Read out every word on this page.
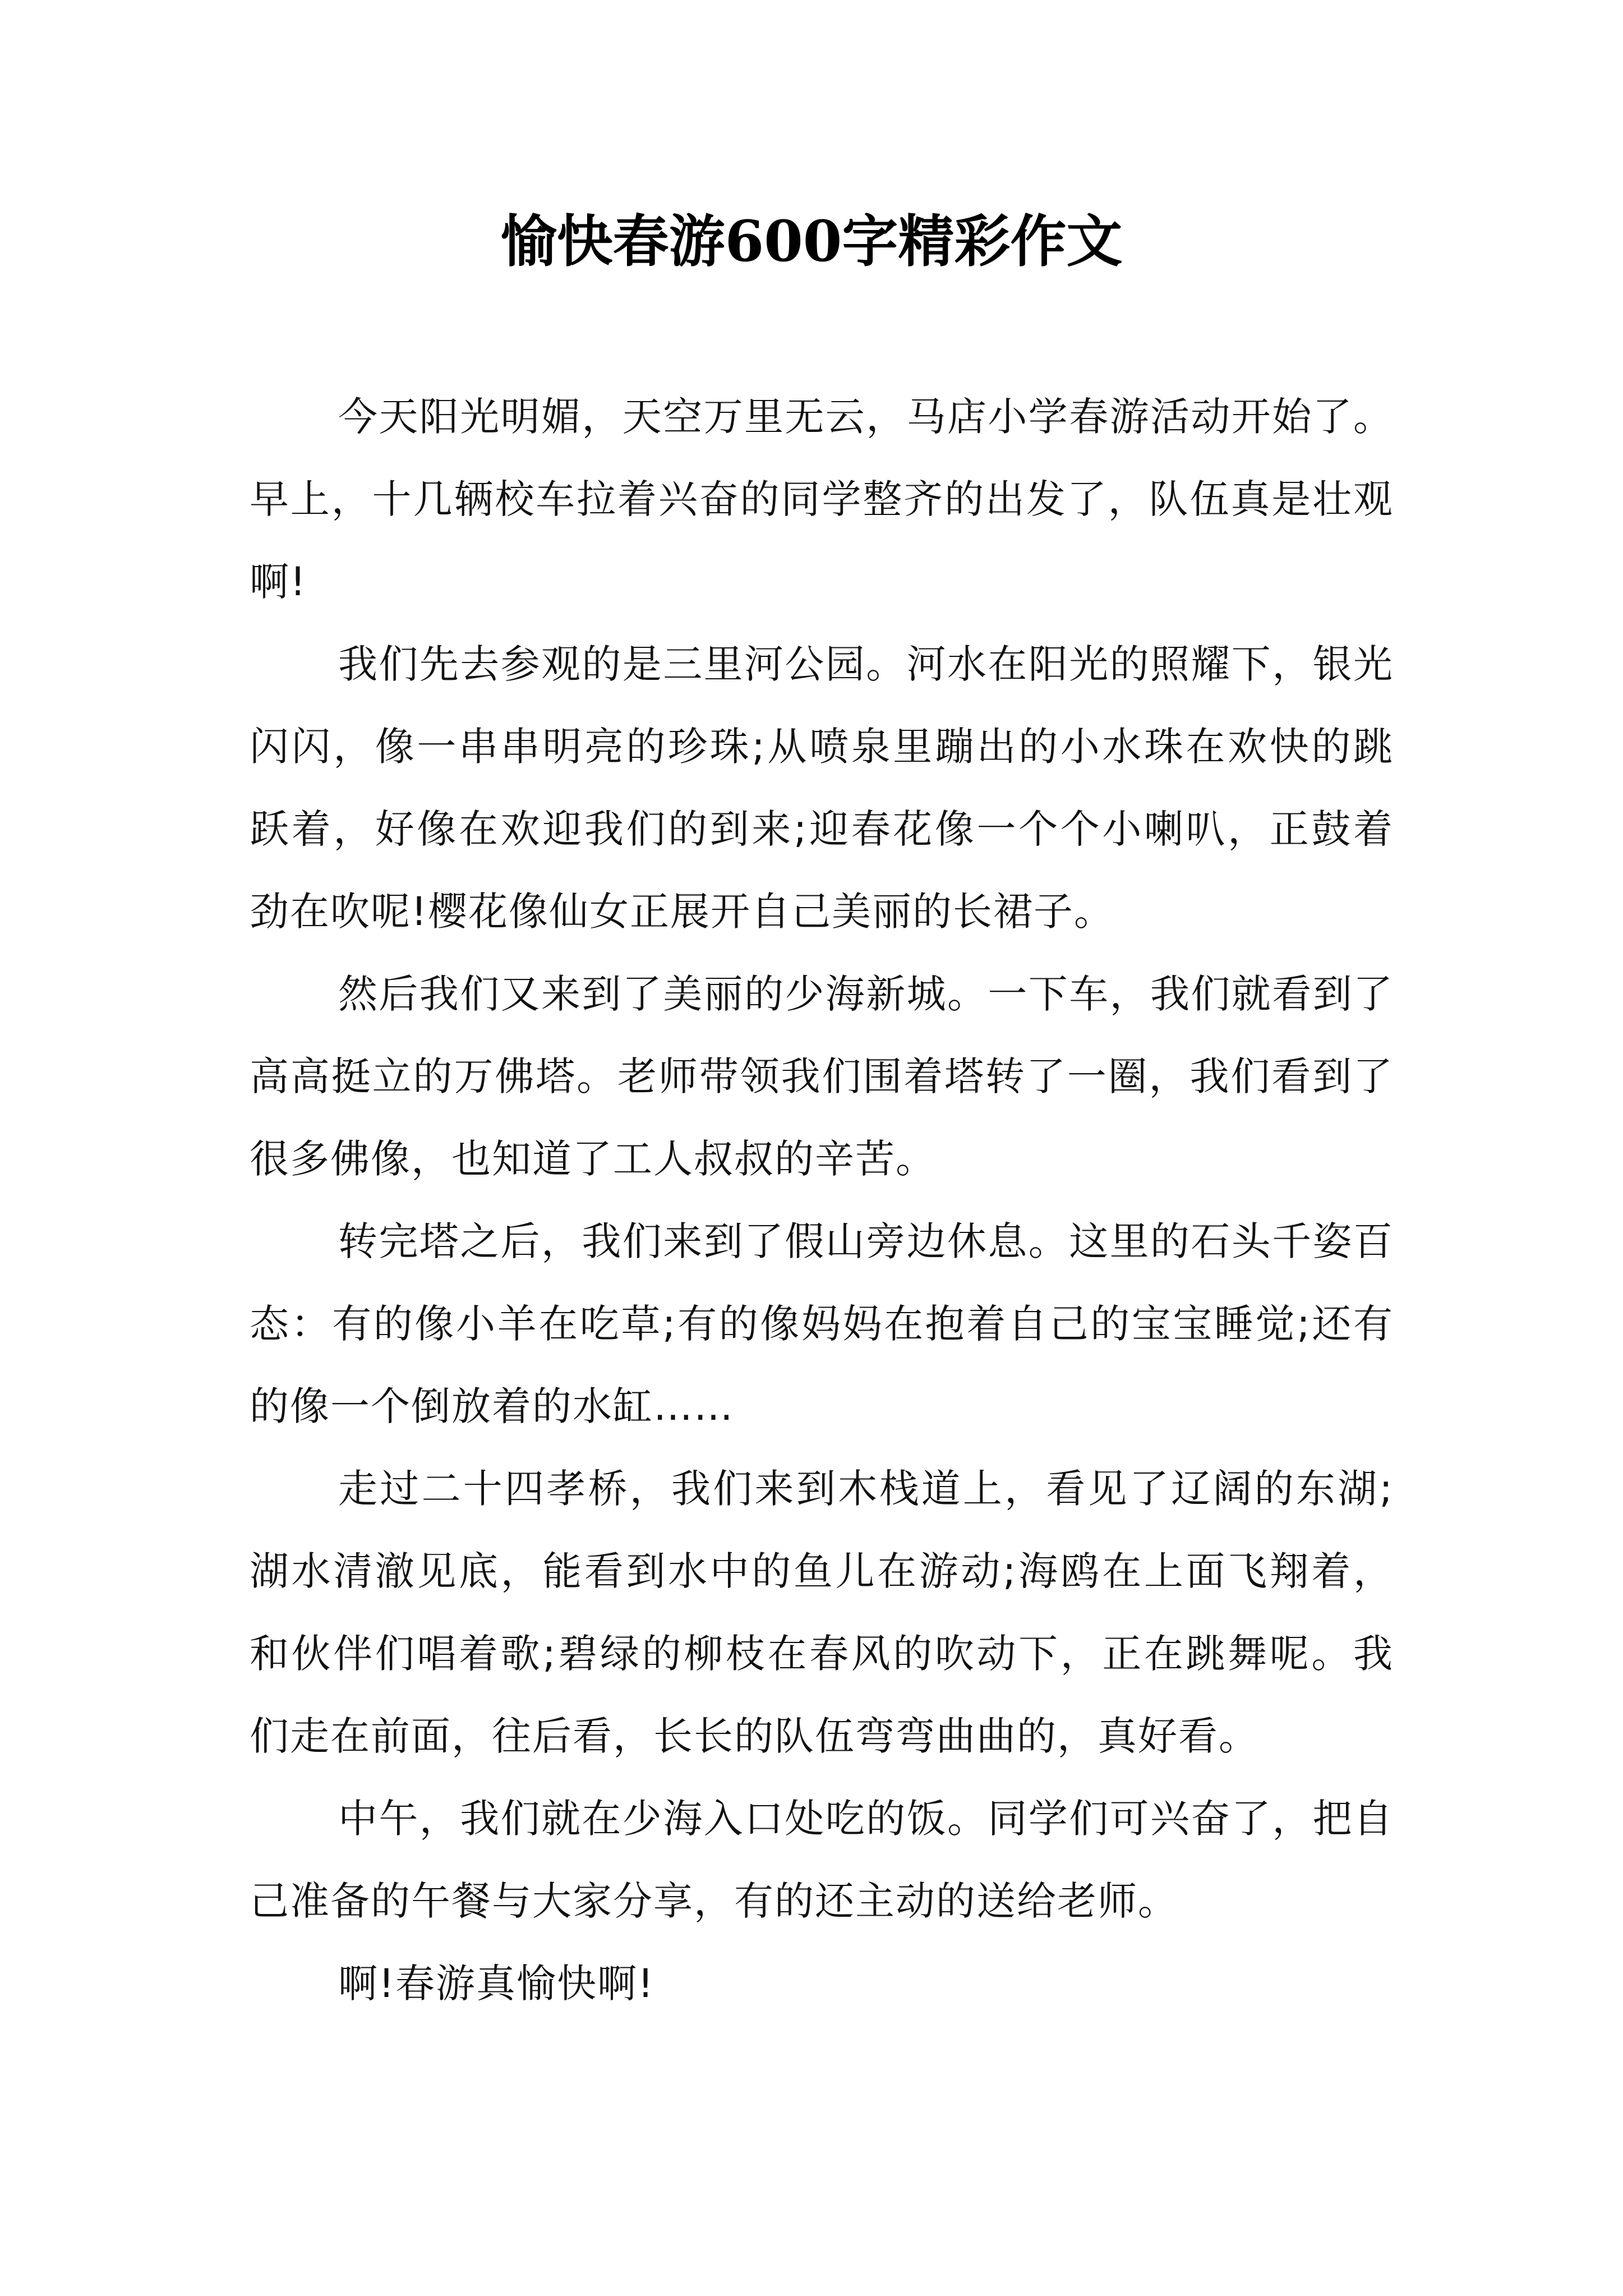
愉快春游600字精彩作文

今天阳光明媚，天空万里无云，马店小学春游活动开始了。早上，十几辆校车拉着兴奋的同学整齐的出发了，队伍真是壮观啊!

我们先去参观的是三里河公园。河水在阳光的照耀下，银光闪闪，像一串串明亮的珍珠;从喷泉里蹦出的小水珠在欢快的跳跃着，好像在欢迎我们的到来;迎春花像一个个小喇叭，正鼓着劲在吹呢!樱花像仙女正展开自己美丽的长裙子。

然后我们又来到了美丽的少海新城。一下车，我们就看到了高高挺立的万佛塔。老师带领我们围着塔转了一圈，我们看到了很多佛像，也知道了工人叔叔的辛苦。

转完塔之后，我们来到了假山旁边休息。这里的石头千姿百态：有的像小羊在吃草;有的像妈妈在抱着自己的宝宝睡觉;还有的像一个倒放着的水缸……

走过二十四孝桥，我们来到木栈道上，看见了辽阔的东湖;湖水清澈见底，能看到水中的鱼儿在游动;海鸥在上面飞翔着，和伙伴们唱着歌;碧绿的柳枝在春风的吹动下，正在跳舞呢。我们走在前面，往后看，长长的队伍弯弯曲曲的，真好看。

中午，我们就在少海入口处吃的饭。同学们可兴奋了，把自己准备的午餐与大家分享，有的还主动的送给老师。

啊!春游真愉快啊!
